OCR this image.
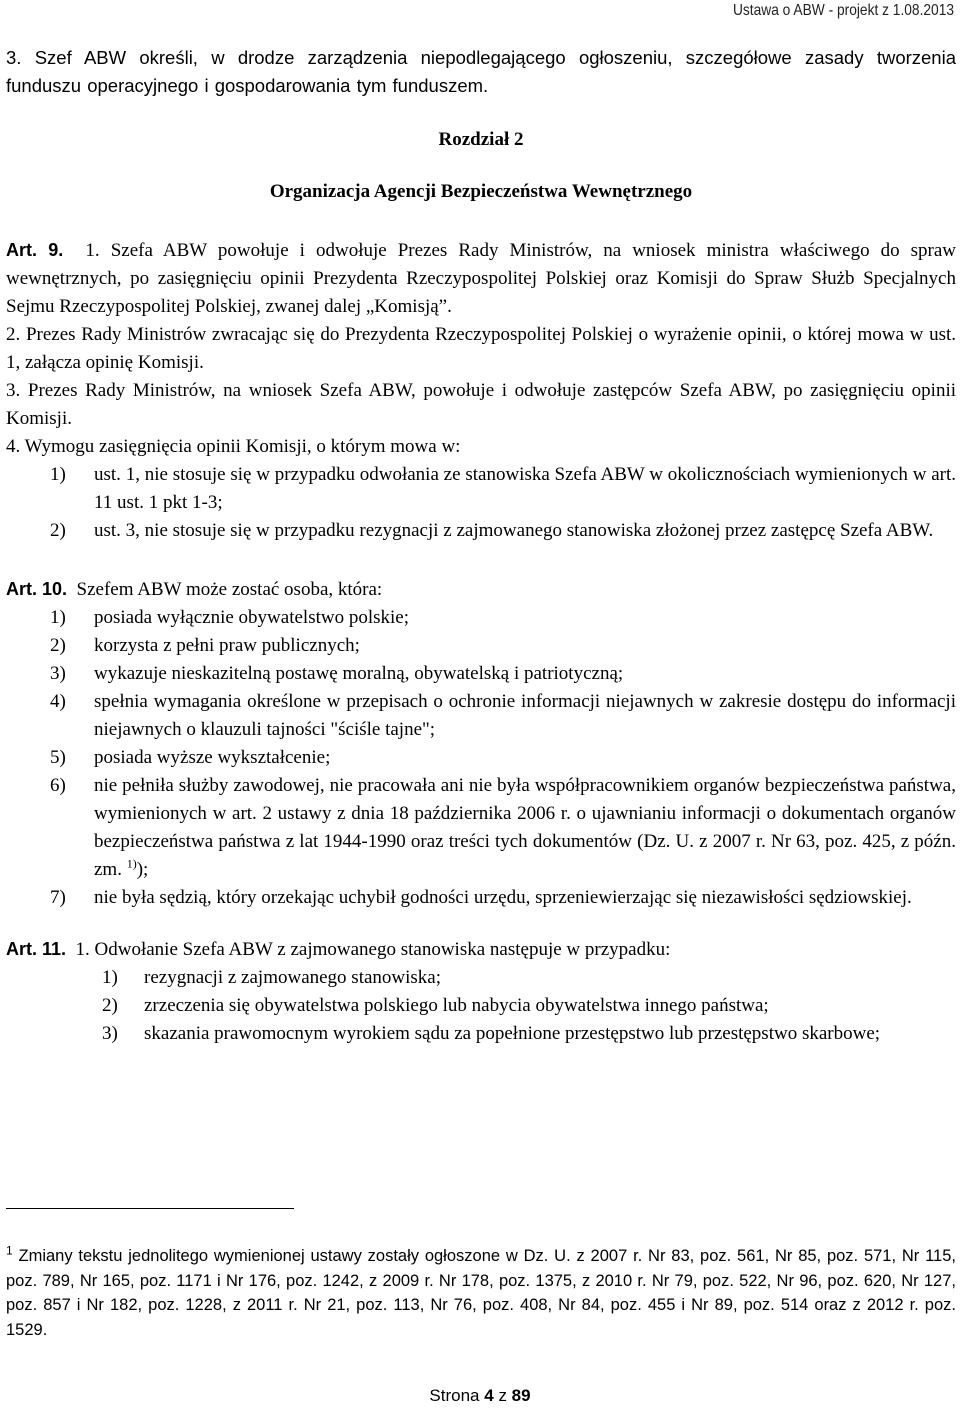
Ustawa o ABW - projekt z 1.08.2013

3. Szef ABW określi, w drodze zarządzenia niepodlegającego ogłoszeniu, szczegółowe zasady tworzenia funduszu operacyjnego i gospodarowania tym funduszem.

Rozdział 2

Organizacja Agencji Bezpieczeństwa Wewnętrznego

Art. 9. 1. Szefa ABW powołuje i odwołuje Prezes Rady Ministrów, na wniosek ministra właściwego do spraw wewnętrznych, po zasięgnięciu opinii Prezydenta Rzeczypospolitej Polskiej oraz Komisji do Spraw Służb Specjalnych Sejmu Rzeczypospolitej Polskiej, zwanej dalej „Komisją”.

2. Prezes Rady Ministrów zwracając się do Prezydenta Rzeczypospolitej Polskiej o wyrażenie opinii, o której mowa w ust. 1, załącza opinię Komisji.

3. Prezes Rady Ministrów, na wniosek Szefa ABW, powołuje i odwołuje zastępców Szefa ABW, po zasięgnięciu opinii Komisji.

4. Wymogu zasięgnięcia opinii Komisji, o którym mowa w:

1)	ust. 1, nie stosuje się w przypadku odwołania ze stanowiska Szefa ABW w okolicznościach wymienionych w art. 11 ust. 1 pkt 1-3;
2)	ust. 3, nie stosuje się w przypadku rezygnacji z zajmowanego stanowiska złożonej przez zastępcę Szefa ABW.

Art. 10. Szefem ABW może zostać osoba, która:

1)	posiada wyłącznie obywatelstwo polskie;
2)	korzysta z pełni praw publicznych;
3)	wykazuje nieskazitelną postawę moralną, obywatelską i patriotyczną;
4)	spełnia wymagania określone w przepisach o ochronie informacji niejawnych w zakresie dostępu do informacji niejawnych o klauzuli tajności "ściśle tajne";
5)	posiada wyższe wykształcenie;
6)	nie pełniła służby zawodowej, nie pracowała ani nie była współpracownikiem organów bezpieczeństwa państwa, wymienionych w art. 2 ustawy z dnia 18 października 2006 r. o ujawnianiu informacji o dokumentach organów bezpieczeństwa państwa z lat 1944-1990 oraz treści tych dokumentów (Dz. U. z 2007 r. Nr 63, poz. 425, z późn. zm. $^{1)}$);
7)	nie była sędzią, który orzekając uchybił godności urzędu, sprzeniewierzając się niezawisłości sędziowskiej.

Art. 11. 1. Odwołanie Szefa ABW z zajmowanego stanowiska następuje w przypadku:

1)	rezygnacji z zajmowanego stanowiska;
2)	zrzeczenia się obywatelstwa polskiego lub nabycia obywatelstwa innego państwa;
3)	skazania prawomocnym wyrokiem sądu za popełnione przestępstwo lub przestępstwo skarbowe;
$^1$ Zmiany tekstu jednolitego wymienionej ustawy zostały ogłoszone w Dz. U. z 2007 r. Nr 83, poz. 561, Nr 85, poz. 571, Nr 115, poz. 789, Nr 165, poz. 1171 i Nr 176, poz. 1242, z 2009 r. Nr 178, poz. 1375, z 2010 r. Nr 79, poz. 522, Nr 96, poz. 620, Nr 127, poz. 857 i Nr 182, poz. 1228, z 2011 r. Nr 21, poz. 113, Nr 76, poz. 408, Nr 84, poz. 455 i Nr 89, poz. 514 oraz z 2012 r. poz. 1529.
Strona 4 z 89
